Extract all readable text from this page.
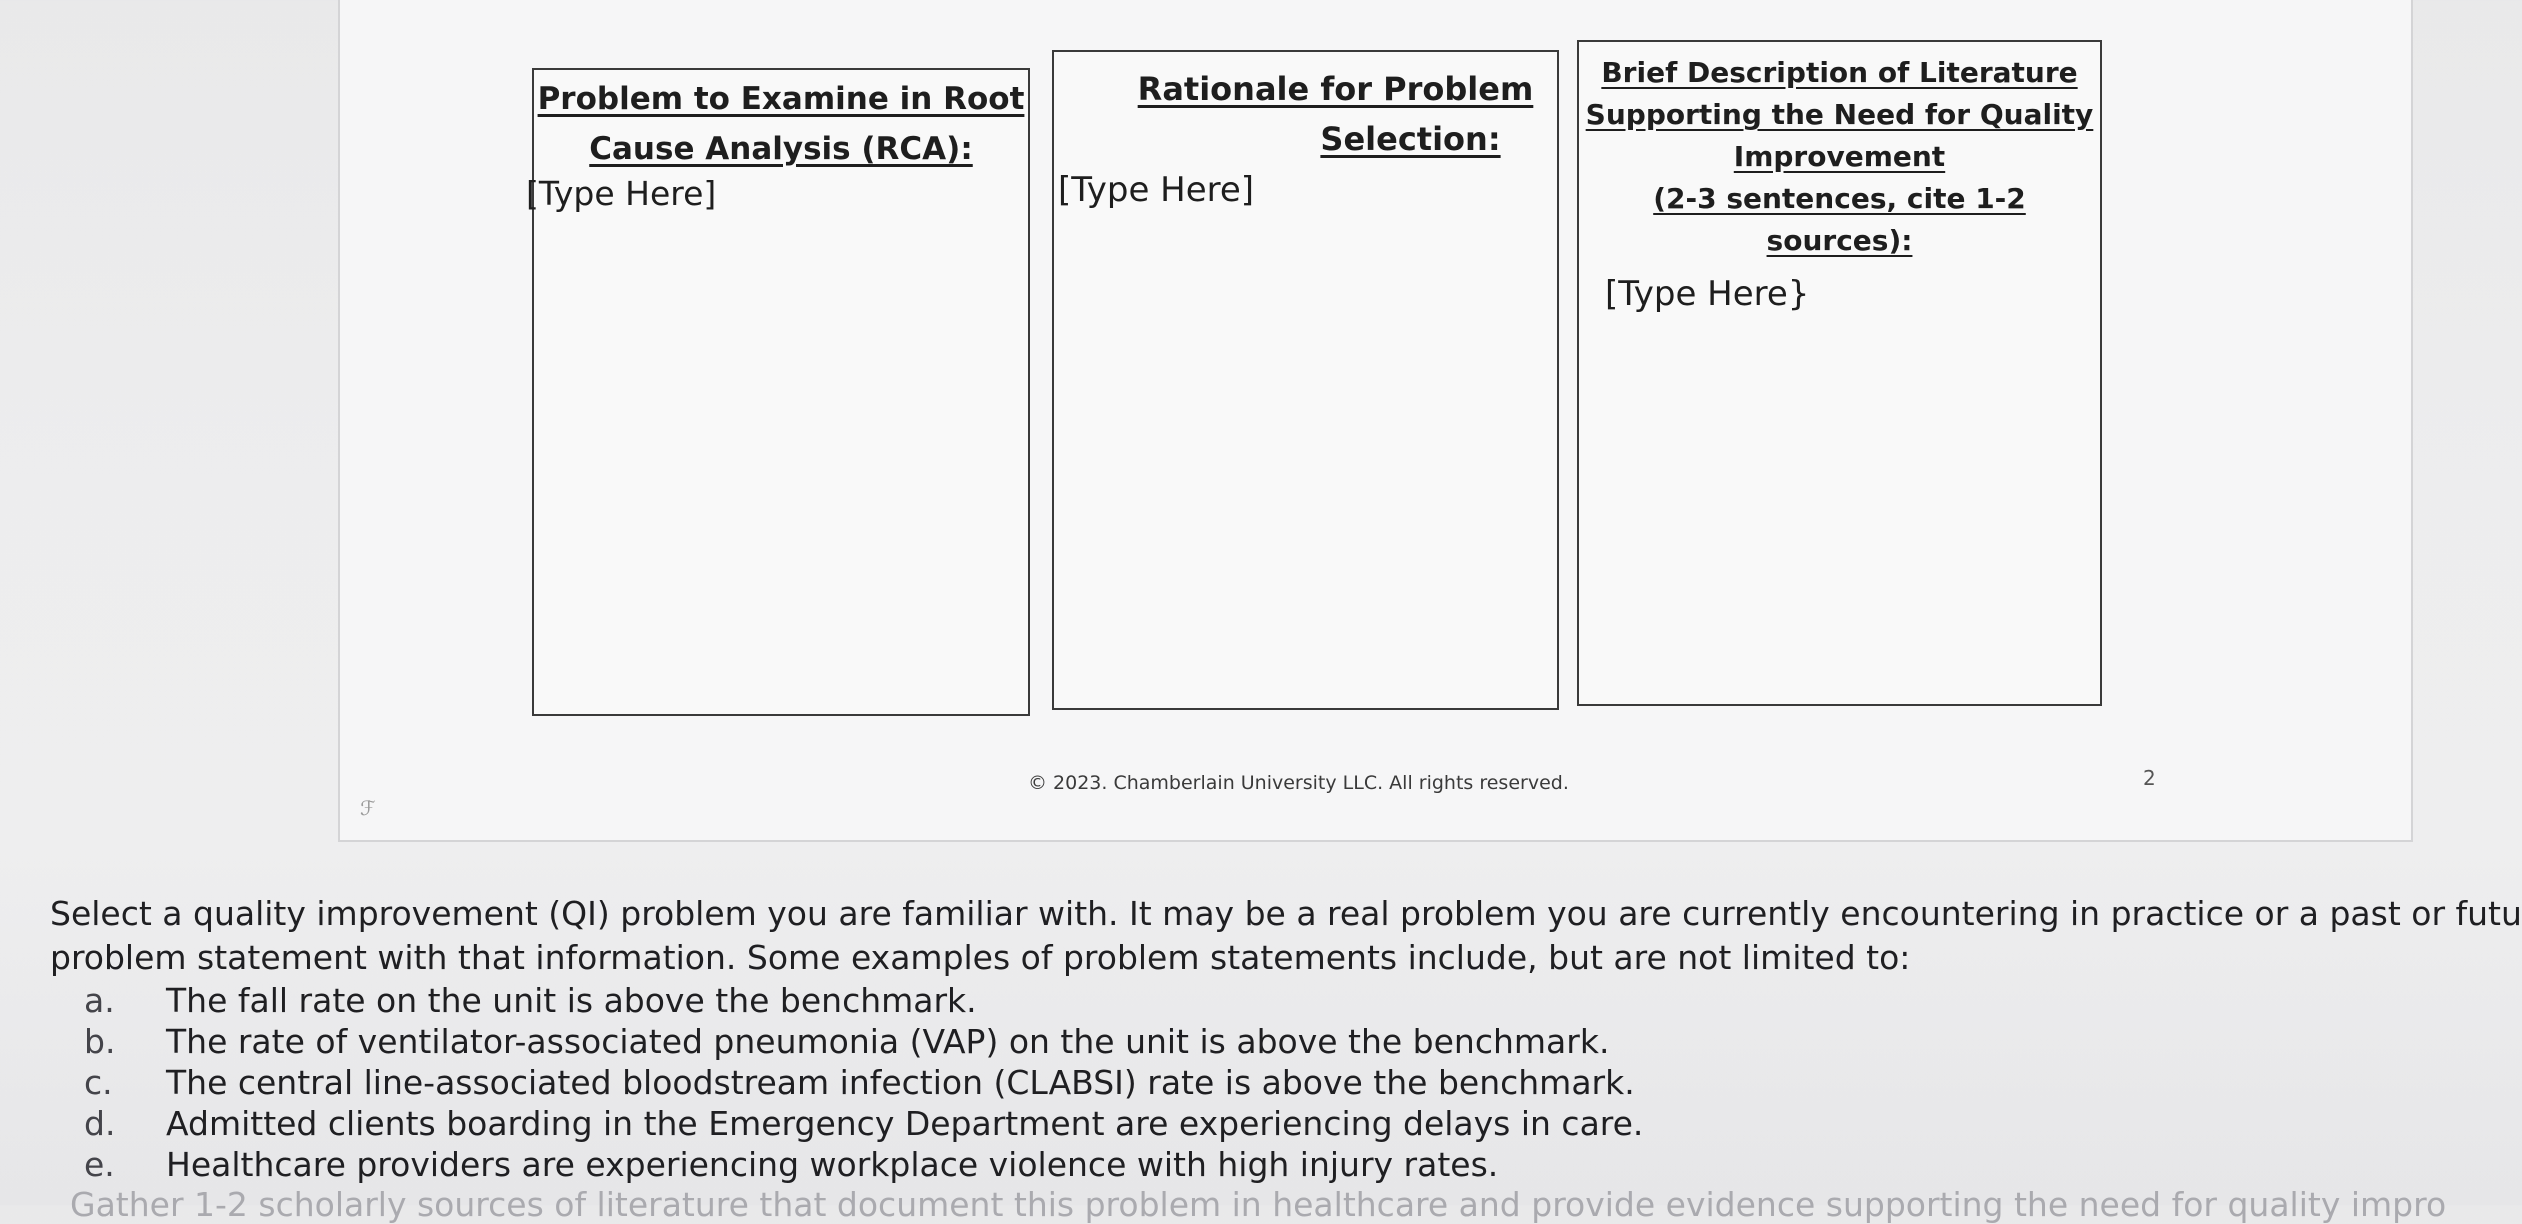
Problem to Examine in Root
Cause Analysis (RCA):
[Type Here]
Rationale for Problem
Selection:
[Type Here]
Brief Description of Literature
Supporting the Need for Quality
Improvement
(2-3 sentences, cite 1-2 sources):
[Type Here}
© 2023. Chamberlain University LLC. All rights reserved.	2
ℱ

Select a quality improvement (QI) problem you are familiar with. It may be a real problem you are currently encountering in practice or a past or futu

problem statement with that information. Some examples of problem statements include, but are not limited to:

a. The fall rate on the unit is above the benchmark.
b. The rate of ventilator-associated pneumonia (VAP) on the unit is above the benchmark.
c. The central line-associated bloodstream infection (CLABSI) rate is above the benchmark.
d. Admitted clients boarding in the Emergency Department are experiencing delays in care.
e. Healthcare providers are experiencing workplace violence with high injury rates.
Gather 1-2 scholarly sources of literature that document this problem in healthcare and provide evidence supporting the need for quality impro
